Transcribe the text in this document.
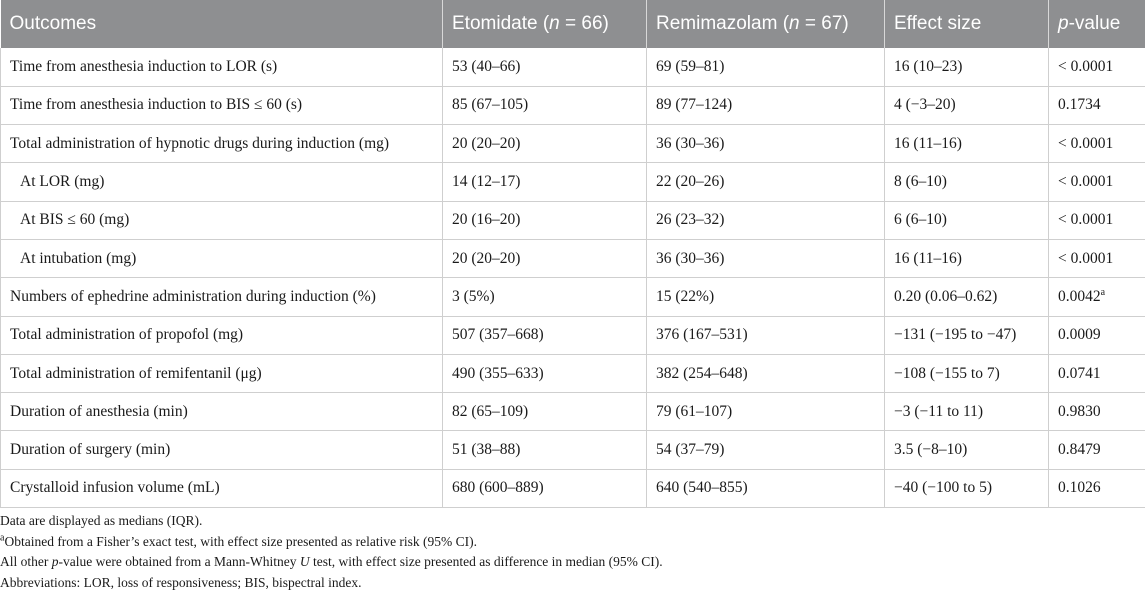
Outcomes	Etomidate (n = 66)	Remimazolam (n = 67)	Effect size	p-value
Time from anesthesia induction to LOR (s)	53 (40–66)	69 (59–81)	16 (10–23)	< 0.0001
Time from anesthesia induction to BIS ≤ 60 (s)	85 (67–105)	89 (77–124)	4 (−3–20)	0.1734
Total administration of hypnotic drugs during induction (mg)	20 (20–20)	36 (30–36)	16 (11–16)	< 0.0001
At LOR (mg)	14 (12–17)	22 (20–26)	8 (6–10)	< 0.0001
At BIS ≤ 60 (mg)	20 (16–20)	26 (23–32)	6 (6–10)	< 0.0001
At intubation (mg)	20 (20–20)	36 (30–36)	16 (11–16)	< 0.0001
Numbers of ephedrine administration during induction (%)	3 (5%)	15 (22%)	0.20 (0.06–0.62)	0.0042$^a$
Total administration of propofol (mg)	507 (357–668)	376 (167–531)	−131 (−195 to −47)	0.0009
Total administration of remifentanil (μg)	490 (355–633)	382 (254–648)	−108 (−155 to 7)	0.0741
Duration of anesthesia (min)	82 (65–109)	79 (61–107)	−3 (−11 to 11)	0.9830
Duration of surgery (min)	51 (38–88)	54 (37–79)	3.5 (−8–10)	0.8479
Crystalloid infusion volume (mL)	680 (600–889)	640 (540–855)	−40 (−100 to 5)	0.1026
Data are displayed as medians (IQR).
$^a$Obtained from a Fisher’s exact test, with effect size presented as relative risk (95% CI).
All other p-value were obtained from a Mann-Whitney U test, with effect size presented as difference in median (95% CI).
Abbreviations: LOR, loss of responsiveness; BIS, bispectral index.
